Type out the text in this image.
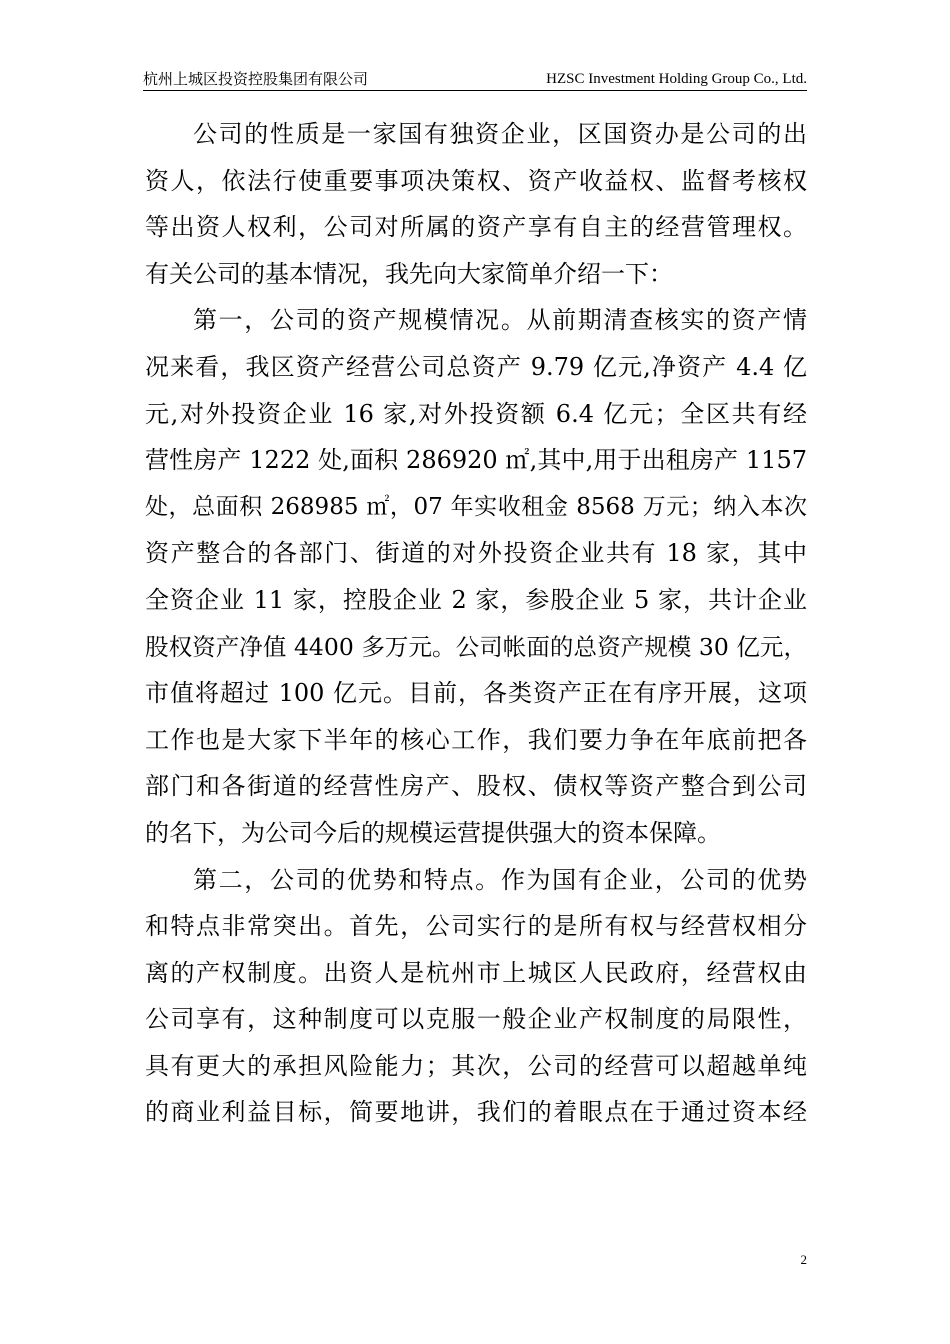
杭州上城区投资控股集团有限公司	HZSC Investment Holding Group Co., Ltd.
公司的性质是一家国有独资企业，区国资办是公司的出
资人，依法行使重要事项决策权、资产收益权、监督考核权
等出资人权利，公司对所属的资产享有自主的经营管理权。
有关公司的基本情况，我先向大家简单介绍一下：
第一，公司的资产规模情况。从前期清查核实的资产情
况来看，我区资产经营公司总资产 9.79 亿元,净资产 4.4 亿
元,对外投资企业 16 家,对外投资额 6.4 亿元；全区共有经
营性房产 1222 处,面积 286920 ㎡,其中,用于出租房产 1157
处，总面积 268985 ㎡，07 年实收租金 8568 万元；纳入本次
资产整合的各部门、街道的对外投资企业共有 18 家，其中
全资企业 11 家，控股企业 2 家，参股企业 5 家，共计企业
股权资产净值 4400 多万元。公司帐面的总资产规模 30 亿元，
市值将超过 100 亿元。目前，各类资产正在有序开展，这项
工作也是大家下半年的核心工作，我们要力争在年底前把各
部门和各街道的经营性房产、股权、债权等资产整合到公司
的名下，为公司今后的规模运营提供强大的资本保障。
第二，公司的优势和特点。作为国有企业，公司的优势
和特点非常突出。首先，公司实行的是所有权与经营权相分
离的产权制度。出资人是杭州市上城区人民政府，经营权由
公司享有，这种制度可以克服一般企业产权制度的局限性，
具有更大的承担风险能力；其次，公司的经营可以超越单纯
的商业利益目标，简要地讲，我们的着眼点在于通过资本经
2
